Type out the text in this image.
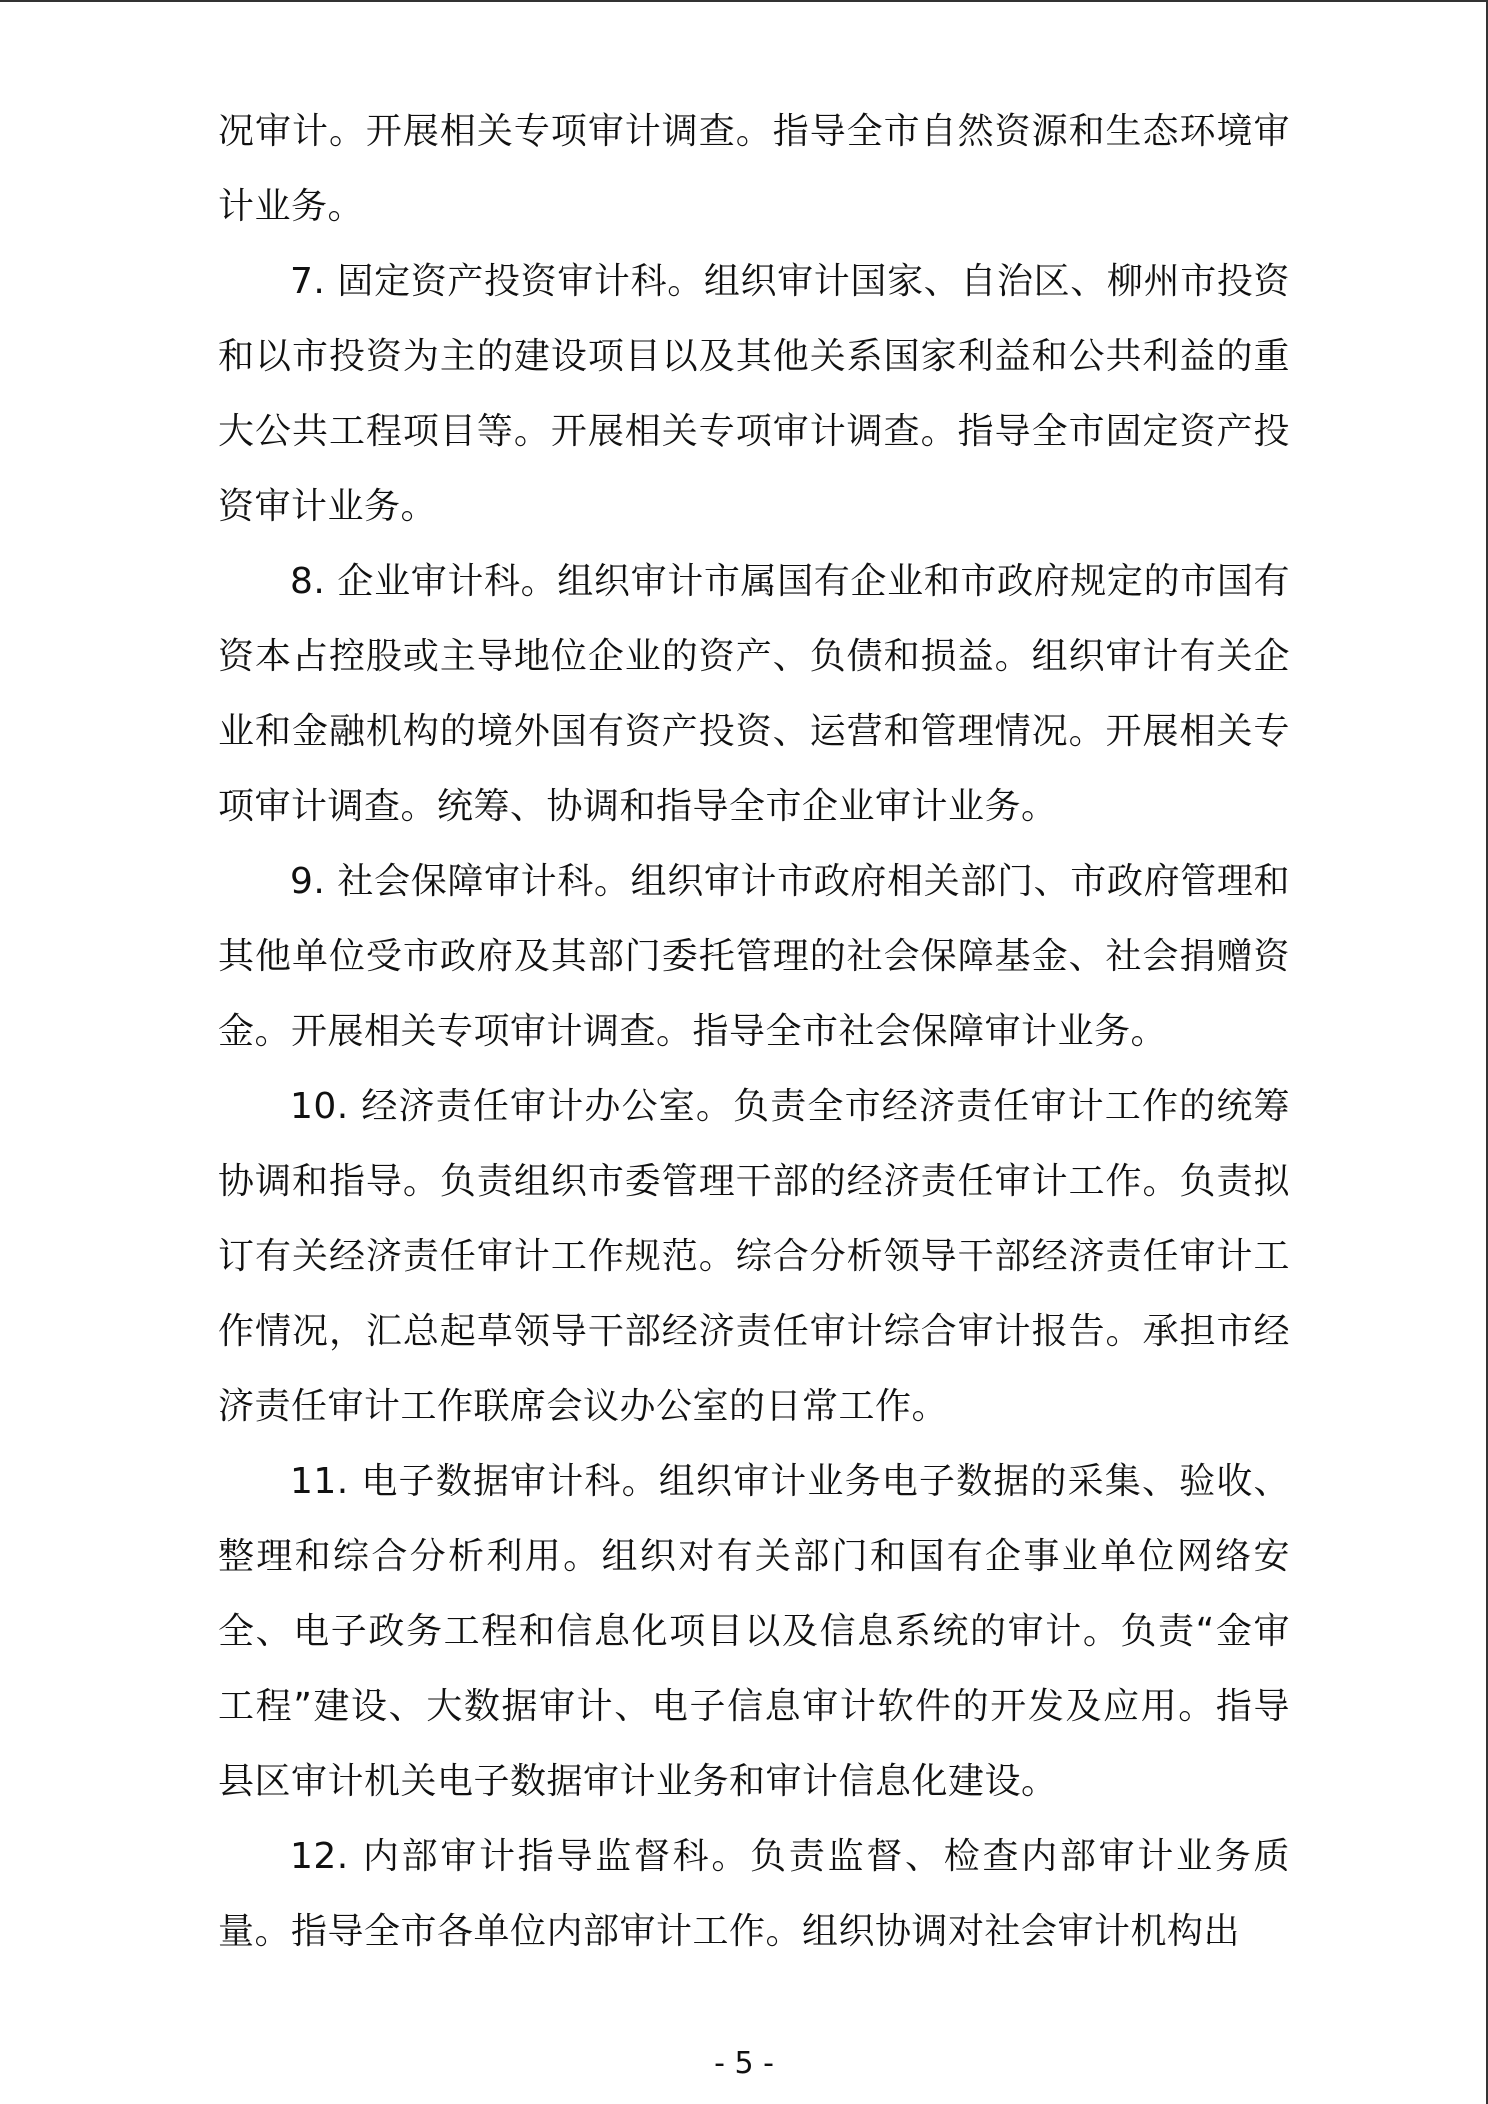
况审计。开展相关专项审计调查。指导全市自然资源和生态环境审计业务。

7. 固定资产投资审计科。组织审计国家、自治区、柳州市投资和以市投资为主的建设项目以及其他关系国家利益和公共利益的重大公共工程项目等。开展相关专项审计调查。指导全市固定资产投资审计业务。

8. 企业审计科。组织审计市属国有企业和市政府规定的市国有资本占控股或主导地位企业的资产、负债和损益。组织审计有关企业和金融机构的境外国有资产投资、运营和管理情况。开展相关专项审计调查。统筹、协调和指导全市企业审计业务。

9. 社会保障审计科。组织审计市政府相关部门、市政府管理和其他单位受市政府及其部门委托管理的社会保障基金、社会捐赠资金。开展相关专项审计调查。指导全市社会保障审计业务。

10. 经济责任审计办公室。负责全市经济责任审计工作的统筹协调和指导。负责组织市委管理干部的经济责任审计工作。负责拟订有关经济责任审计工作规范。综合分析领导干部经济责任审计工作情况，汇总起草领导干部经济责任审计综合审计报告。承担市经济责任审计工作联席会议办公室的日常工作。

11. 电子数据审计科。组织审计业务电子数据的采集、验收、整理和综合分析利用。组织对有关部门和国有企事业单位网络安全、电子政务工程和信息化项目以及信息系统的审计。负责“金审工程”建设、大数据审计、电子信息审计软件的开发及应用。指导县区审计机关电子数据审计业务和审计信息化建设。

12. 内部审计指导监督科。负责监督、检查内部审计业务质量。指导全市各单位内部审计工作。组织协调对社会审计机构出

- 5 -
